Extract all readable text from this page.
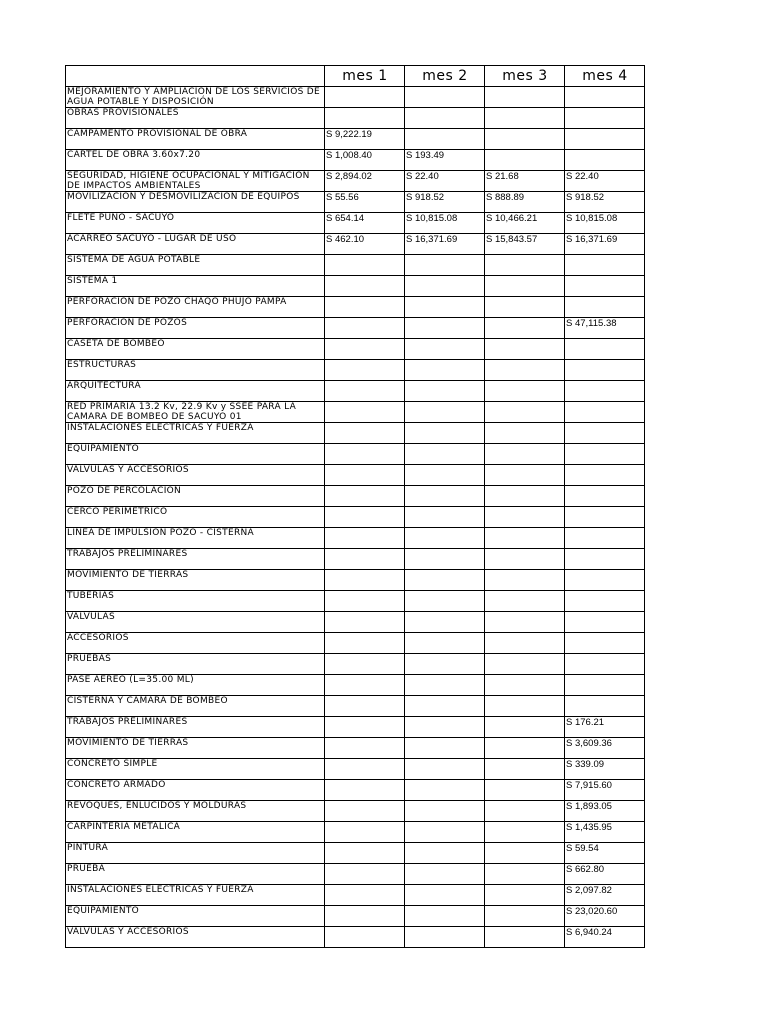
	mes 1	mes 2	mes 3	mes 4
MEJORAMIENTO Y AMPLIACIÓN DE LOS SERVICIOS DE AGUA POTABLE Y DISPOSICIÓN				
OBRAS PROVISIONALES				
CAMPAMENTO PROVISIONAL DE OBRA	S 9,222.19			
CARTEL DE OBRA 3.60x7.20	S 1,008.40	S 193.49		
SEGURIDAD, HIGIENE OCUPACIONAL Y MITIGACION DE IMPACTOS AMBIENTALES	S 2,894.02	S 22.40	S 21.68	S 22.40
MOVILIZACION Y DESMOVILIZACION DE EQUIPOS	S 55.56	S 918.52	S 888.89	S 918.52
FLETE PUNO - SACUYO	S 654.14	S 10,815.08	S 10,466.21	S 10,815.08
ACARREO SACUYO - LUGAR DE USO	S 462.10	S 16,371.69	S 15,843.57	S 16,371.69
SISTEMA DE AGUA POTABLE				
SISTEMA 1				
PERFORACION DE POZO CHAQO PHUJO PAMPA				
PERFORACION DE POZOS				S 47,115.38
CASETA DE BOMBEO				
ESTRUCTURAS				
ARQUITECTURA				
RED PRIMARIA 13.2 Kv, 22.9 Kv y SSEE PARA LA CAMARA DE BOMBEO DE SACUYO 01				
INSTALACIONES ELECTRICAS Y FUERZA				
EQUIPAMIENTO				
VÁLVULAS Y ACCESORIOS				
POZO DE PERCOLACION				
CERCO PERIMETRICO				
LINEA DE IMPULSION POZO - CISTERNA				
TRABAJOS PRELIMINARES				
MOVIMIENTO DE TIERRAS				
TUBERIAS				
VALVULAS				
ACCESORIOS				
PRUEBAS				
PASE AEREO (L=35.00 ML)				
CISTERNA Y CAMARA DE BOMBEO				
TRABAJOS PRELIMINARES				S 176.21
MOVIMIENTO DE TIERRAS				S 3,609.36
CONCRETO SIMPLE				S 339.09
CONCRETO ARMADO				S 7,915.60
REVOQUES, ENLUCIDOS Y MOLDURAS				S 1,893.05
CARPINTERIA METALICA				S 1,435.95
PINTURA				S 59.54
PRUEBA				S 662.80
INSTALACIONES ELECTRICAS Y FUERZA				S 2,097.82
EQUIPAMIENTO				S 23,020.60
VÁLVULAS Y ACCESORIOS				S 6,940.24
